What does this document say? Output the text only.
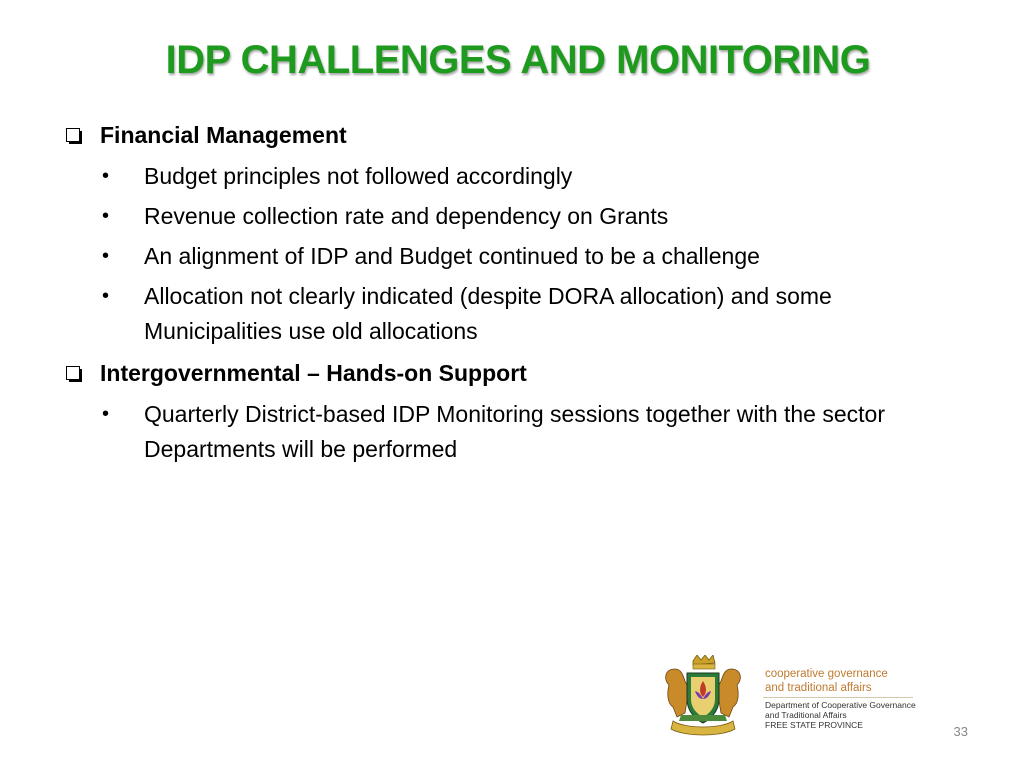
IDP CHALLENGES AND MONITORING
Financial Management
•	Budget principles not followed accordingly
•	Revenue collection rate and dependency on Grants
•	An alignment of IDP and Budget continued to be a challenge
•	Allocation not clearly indicated (despite DORA allocation) and some Municipalities use old allocations
Intergovernmental – Hands-on Support
•	Quarterly District-based IDP Monitoring sessions together with the sector Departments will be performed
cooperative governance
and traditional affairs
Department of Cooperative Governance
and Traditional Affairs
FREE STATE PROVINCE	33
